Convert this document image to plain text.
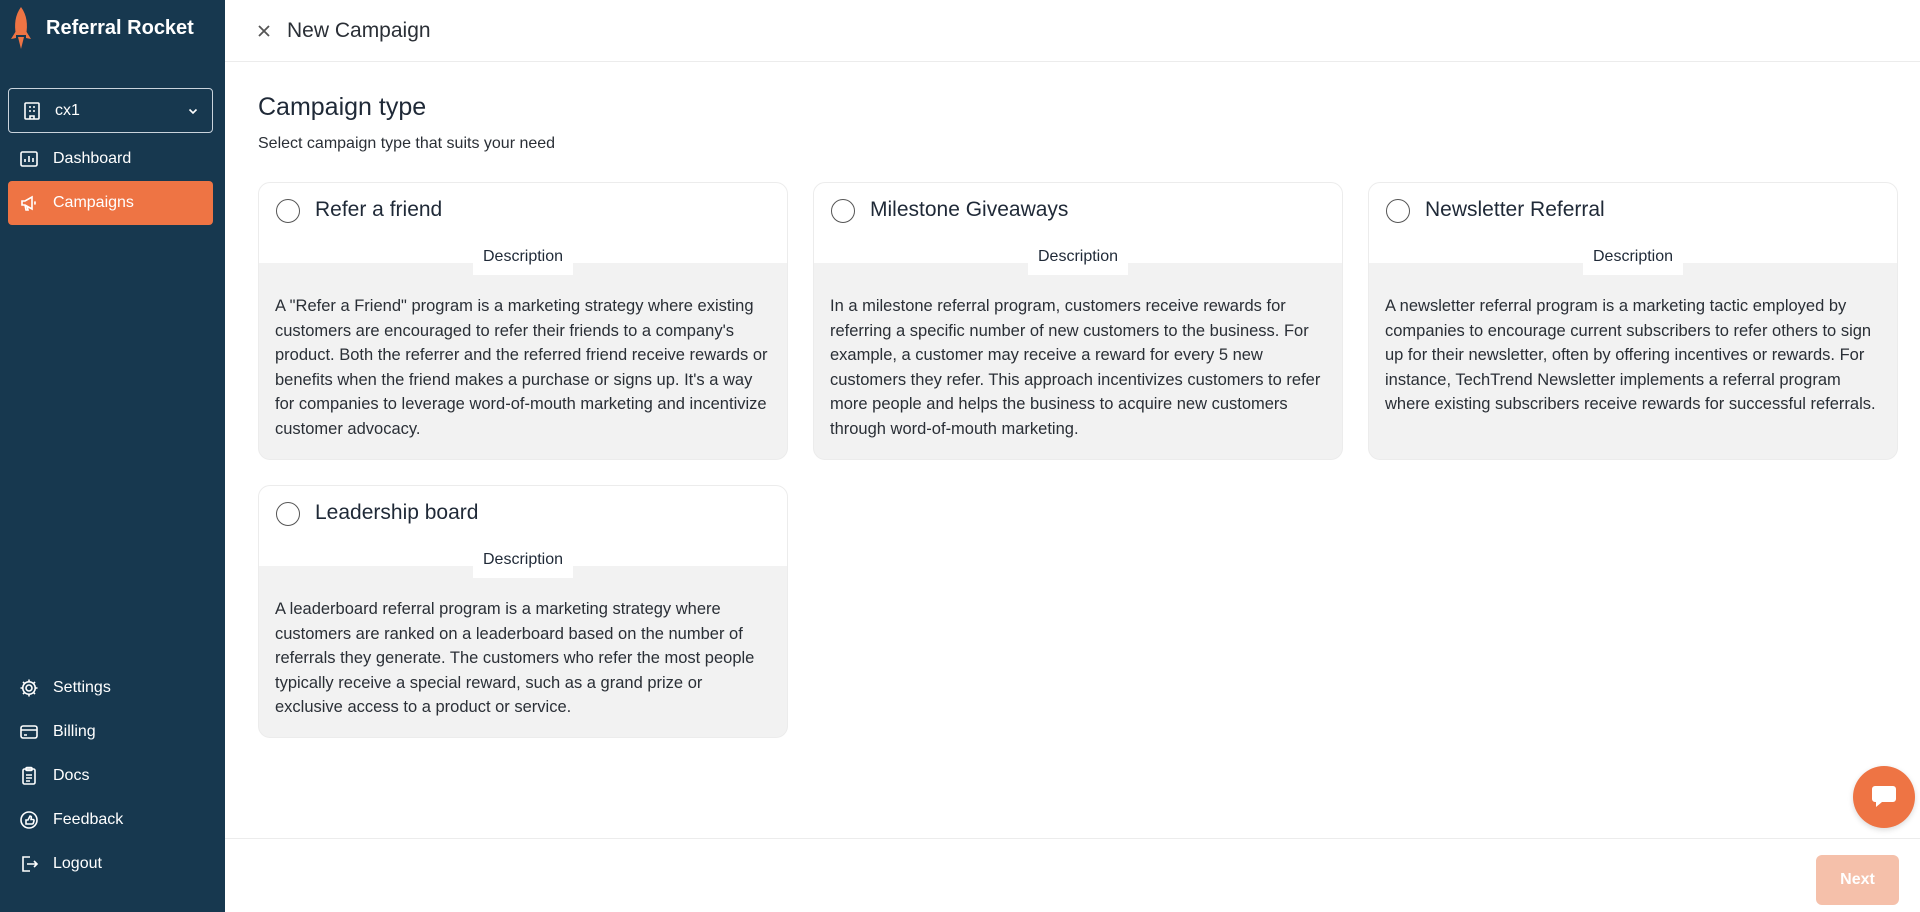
Referral Rocket
cx1
Dashboard
Campaigns
Settings
Billing
Docs
Feedback
Logout
New Campaign
Campaign type
Select campaign type that suits your need
Refer a friend
Description
A "Refer a Friend" program is a marketing strategy where existing customers are encouraged to refer their friends to a company's product. Both the referrer and the referred friend receive rewards or benefits when the friend makes a purchase or signs up. It's a way for companies to leverage word-of-mouth marketing and incentivize customer advocacy.
Milestone Giveaways
Description
In a milestone referral program, customers receive rewards for referring a specific number of new customers to the business. For example, a customer may receive a reward for every 5 new customers they refer. This approach incentivizes customers to refer more people and helps the business to acquire new customers through word-of-mouth marketing.
Newsletter Referral
Description
A newsletter referral program is a marketing tactic employed by companies to encourage current subscribers to refer others to sign up for their newsletter, often by offering incentives or rewards. For instance, TechTrend Newsletter implements a referral program where existing subscribers receive rewards for successful referrals.
Leadership board
Description
A leaderboard referral program is a marketing strategy where customers are ranked on a leaderboard based on the number of referrals they generate. The customers who refer the most people typically receive a special reward, such as a grand prize or exclusive access to a product or service.
Next
